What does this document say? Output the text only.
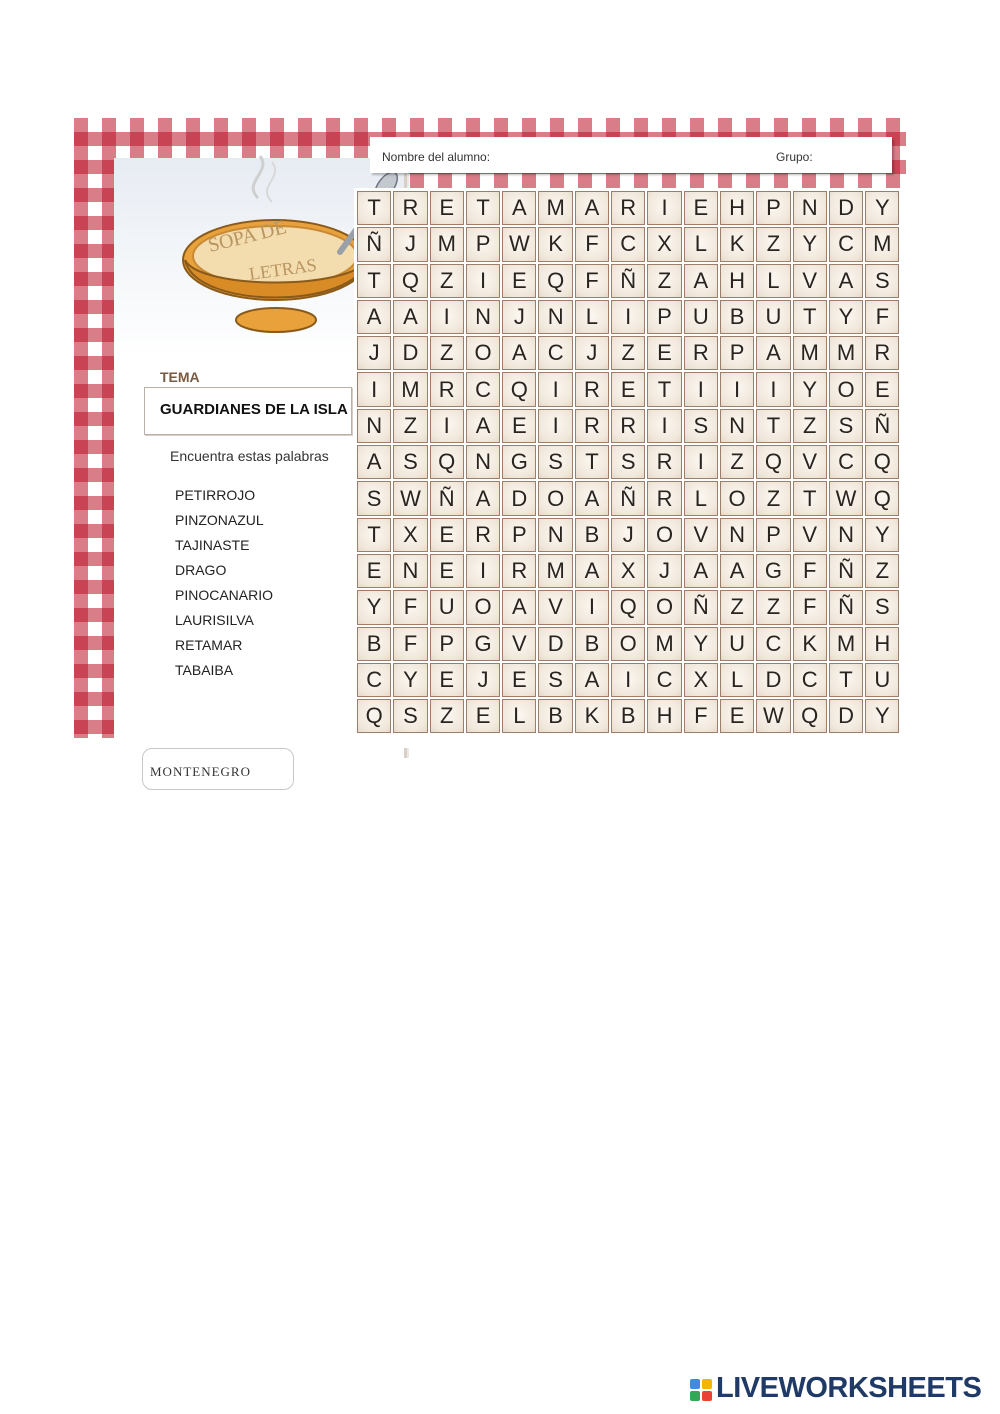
SOPA DE
LETRAS
TEMA
GUARDIANES DE LA ISLA
Encuentra estas palabras
PETIRROJO
PINZONAZUL
TAJINASTE
DRAGO
PINOCANARIO
LAURISILVA
RETAMAR
TABAIBA
MONTENEGRO
Nombre del alumno:	Grupo:
T R E	T	A M A R	I	E H P N D Y
Ñ	J M P W K	F C X	L	K	Z	Y C M
T Q Z	I	E Q F Ñ Z	A H	L	V A S
A A	I	N	J	N	L	I	P U B U T	Y	F
J	D Z O A C	J	Z	E R P A M M R
I	M R C Q	I	R E	T	I	I	I	Y O E
N Z	I	A E	I	R R	I	S N T	Z	S Ñ
A S Q N G S	T	S R	I	Z Q V C Q
S W Ñ A D O A Ñ R	L O Z	T W Q
T	X E R P N B	J	O V N P V N Y
E N E	I	R M A X	J	A A G F Ñ Z
Y	F U O A V	I	Q O Ñ Z	Z	F Ñ S
B	F	P G V D B O M Y U C K M H
C Y E	J	E S A	I	C X	L	D C T U
Q S	Z	E	L	B K B H F	E W Q D Y
LIVEWORKSHEETS
